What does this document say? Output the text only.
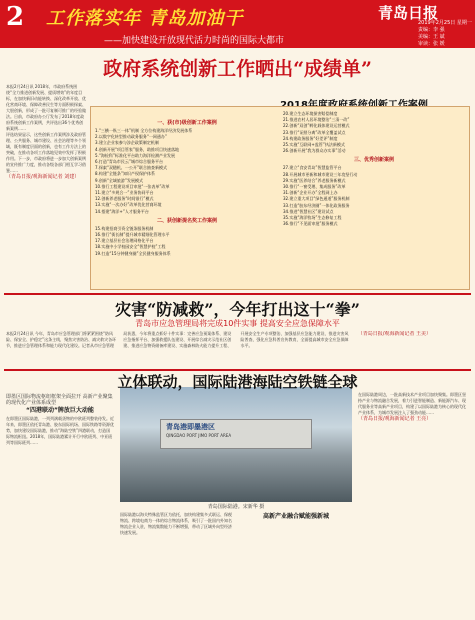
2 工作落实年 青岛加油干
——加快建设开放现代活力时尚的国际大都市
青岛日报
2019年2月25日 星期一
责编：李 强
美编：王 斌
审读：张 媛
政府系统创新工作晒出“成绩单”

本报2月24日讯 2018年，市政府系统围绕“全力推进创新发展、提质增效”的年度目标，在加快新旧动能转换、深化改革开放、优化营商环境、保障改善民生等方面积极探索、大胆创新，形成了一批可复制可推广的经验做法。日前，市政府办公厅发布了2018年度政府系统创新工作案例，共评选出36个优秀创新案例……

评选结果显示，这些创新工作案例涉及政府管理、公共服务、城市建设、社会治理等多个领域，既有制度层面的创新，也有工作方法上的突破，在推动各项工作落地见效中发挥了积极作用。下一步，市政府将进一步加大创新案例的宣传推广力度，推动各级各部门相互学习借鉴……

（青岛日报/观海新闻记者 刘建）

一、获(市)级创新工作案例
1.“三横一纵三一体”机制 全方位构建海洋经济发展体系
2.以数字化转型推动政务服务“一网通办”
3.建立企业家参与涉企政策制定机制
4.创新开展“项目管家”服务，助推项目快速落地
5.“海检科”标准化平台助力海洋检测产业发展
6.打造“青岛市民云”城市综合服务平台
7.探索“双随机、一公开”联合抽查新模式
8.构建“全链条”知识产权保护体系
9.创新“全域旅游”发展模式
10.推行工程建设项目审批“一张表单”改革
11.建立“多规合一”业务协同平台
12.创新养老服务“时间银行”模式
13.实施“一次办好”改革优化营商环境
14.搭建“海洋+”人才服务平台
二、获创新提名奖工作案例
15.构建招商引资全链条服务机制
16.推行“街长制”提升城市精细化管理水平
17.建立基层社会治理网格化平台
18.实施中小学校园安全“智慧护校”工程
19.打造“15分钟健身圈”全民健身服务体系
20.建立生态环境损害赔偿制度
21.推进农村人居环境整治“三清一改”
22.创新“双创”孵化载体建设运营模式
23.推行“证照分离”改革全覆盖试点
24.构建政务服务“好差评”制度
25.实施“互联网+监管”执法新模式
26.创新开展“我为群众办实事”活动
三、优秀创新案例
27.建立“食安青岛”智慧监管平台
28.开展城市更新和城市建设三年攻坚行动
29.实施“医养结合”养老服务新模式
30.推行“一窗受理、集成服务”改革
31.创新“企业开办”全程网上办
32.建立重大项目“绿色通道”服务机制
33.打造“胶东经济圈”一体化政务服务
34.推进“智慧社区”建设试点
35.实施“海洋牧场”生态修复工程
36.推行“不见面审批”服务模式
灾害“防减救”，今年打出这十“拳”
青岛市应急管理局将完成10件实事 提高安全应急保障水平

本报2月24日讯 今年，青岛市应急管理部门将紧紧围绕“防风险、保安全、护稳定”这条主线，聚焦灾害防治、减灾救灾各环节，推进应急管理体系和能力现代化建设。记者从市应急管理局获悉，今年将重点抓好十件实事：完善应急预案体系、建设应急指挥平台、加强救援队伍建设、开展综合减灾示范社区创建、推进应急物资储备库建设、实施森林防火能力提升工程、开展安全生产专项整治、加强基层应急能力建设、推进灾害风险普查、强化应急科普宣传教育，全面提高城市安全应急保障水平。

（青岛日报/观海新闻记者 王美）

立体联动，国际陆港海陆空铁链全球
即墨区国际物流枢纽框架全面拉开 高新产业聚集的现代化产业体系成型
“四港联动”牌放巨大动能

在即墨区国际陆港，一列列满载货物的中欧班列整装待发。近年来，即墨区依托青岛港、胶东国际机场、国际铁路等资源优势，加快建设国际陆港，推动“海陆空铁”四港联动，打造国际物流枢纽。2018年，国际陆港累计开行中欧班列、中亚班列等国际班列……

青岛港即墨港区
QINGDAO PORT JIMO PORT AREA
青岛国际陆港。宋新华 摄

国际陆港以海关特殊监管区为依托，加快构建集多式联运、保税物流、跨境电商为一体的综合物流体系，吸引了一批国内外知名物流企业入驻，物流集散能力不断增强，带动了区域外向型经济快速发展。

高新产业融合赋能强新城

在国际陆港周边，一批高新技术产业项目加快聚集。即墨区坚持产业与物流融合发展，着力引进智能制造、新能源汽车、现代服务业等高新产业项目，构建了以国际陆港为核心的现代化产业体系，为城市发展注入了强劲动能……

（青岛日报/观海新闻记者 王亮）
